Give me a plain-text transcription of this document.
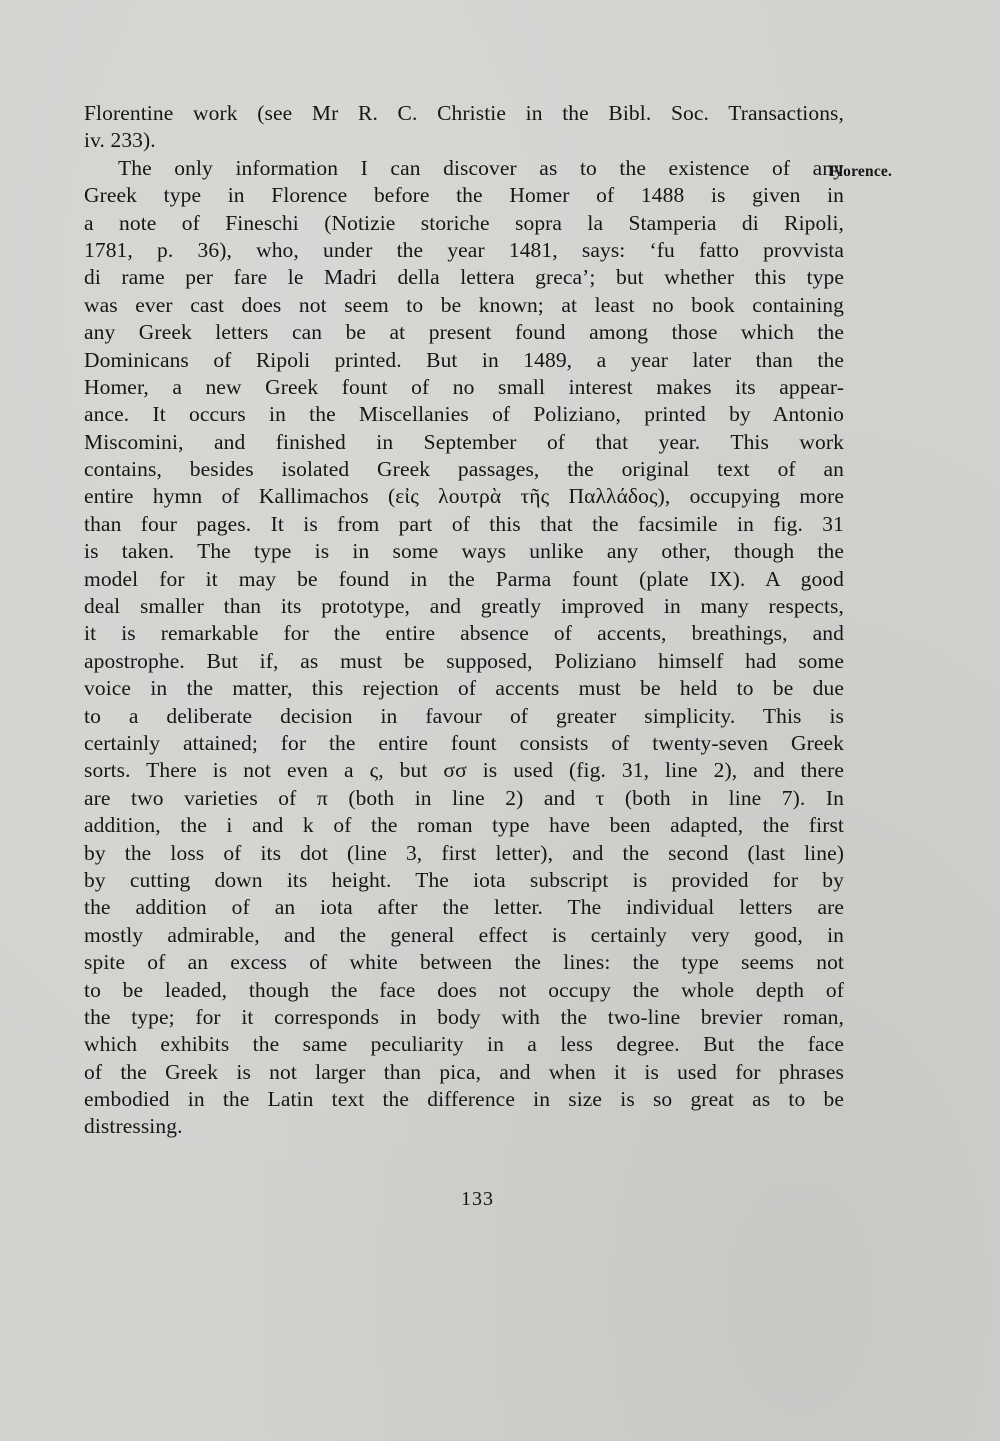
Florentine work (see Mr R. C. Christie in the Bibl. Soc. Transactions,
iv. 233).
The only information I can discover as to the existence of any
Greek type in Florence before the Homer of 1488 is given in
a note of Fineschi (Notizie storiche sopra la Stamperia di Ripoli,
1781, p. 36), who, under the year 1481, says: ‘fu fatto provvista
di rame per fare le Madri della lettera greca’; but whether this type
was ever cast does not seem to be known; at least no book containing
any Greek letters can be at present found among those which the
Dominicans of Ripoli printed. But in 1489, a year later than the
Homer, a new Greek fount of no small interest makes its appear-
ance. It occurs in the Miscellanies of Poliziano, printed by Antonio
Miscomini, and finished in September of that year. This work
contains, besides isolated Greek passages, the original text of an
entire hymn of Kallimachos (εἰς λουτρὰ τῆς Παλλάδος), occupying more
than four pages. It is from part of this that the facsimile in fig. 31
is taken. The type is in some ways unlike any other, though the
model for it may be found in the Parma fount (plate IX). A good
deal smaller than its prototype, and greatly improved in many respects,
it is remarkable for the entire absence of accents, breathings, and
apostrophe. But if, as must be supposed, Poliziano himself had some
voice in the matter, this rejection of accents must be held to be due
to a deliberate decision in favour of greater simplicity. This is
certainly attained; for the entire fount consists of twenty-seven Greek
sorts. There is not even a ς, but σσ is used (fig. 31, line 2), and there
are two varieties of π (both in line 2) and τ (both in line 7). In
addition, the i and k of the roman type have been adapted, the first
by the loss of its dot (line 3, first letter), and the second (last line)
by cutting down its height. The iota subscript is provided for by
the addition of an iota after the letter. The individual letters are
mostly admirable, and the general effect is certainly very good, in
spite of an excess of white between the lines: the type seems not
to be leaded, though the face does not occupy the whole depth of
the type; for it corresponds in body with the two-line brevier roman,
which exhibits the same peculiarity in a less degree. But the face
of the Greek is not larger than pica, and when it is used for phrases
embodied in the Latin text the difference in size is so great as to be
distressing.
Florence.
133
